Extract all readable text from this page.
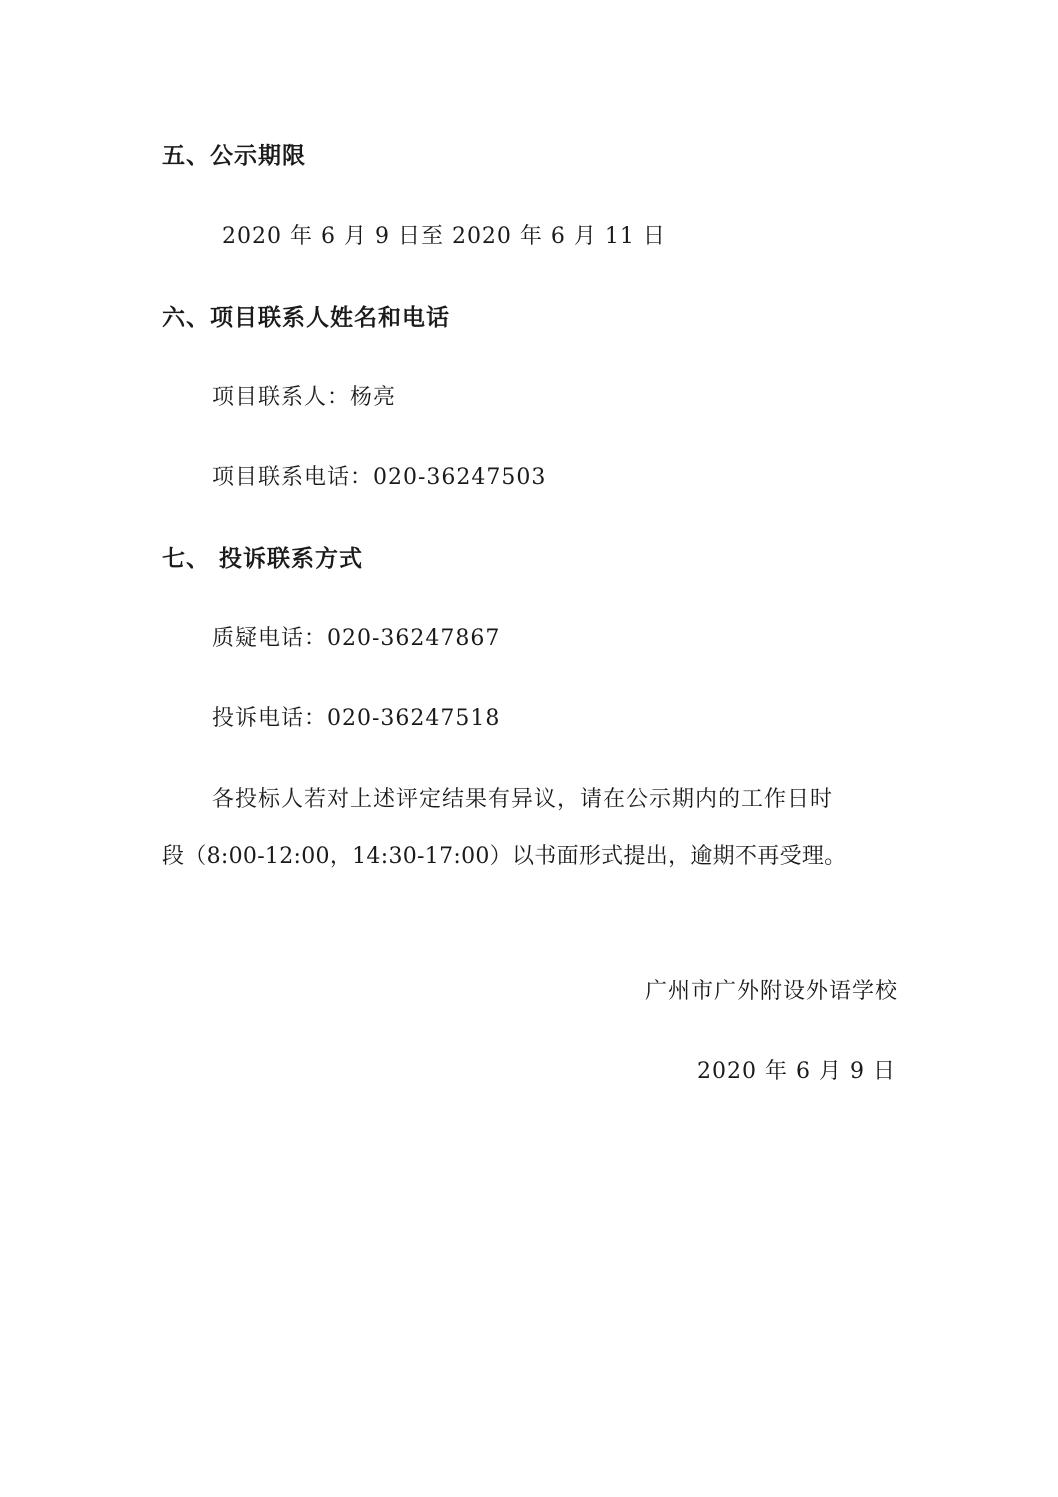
五、公示期限
2020 年 6 月 9 日至 2020 年 6 月 11 日
六、项目联系人姓名和电话
项目联系人：杨亮
项目联系电话：020-36247503
七、 投诉联系方式
质疑电话：020-36247867
投诉电话：020-36247518
各投标人若对上述评定结果有异议，请在公示期内的工作日时
段（8:00-12:00，14:30-17:00）以书面形式提出，逾期不再受理。
广州市广外附设外语学校
2020 年 6 月 9 日
